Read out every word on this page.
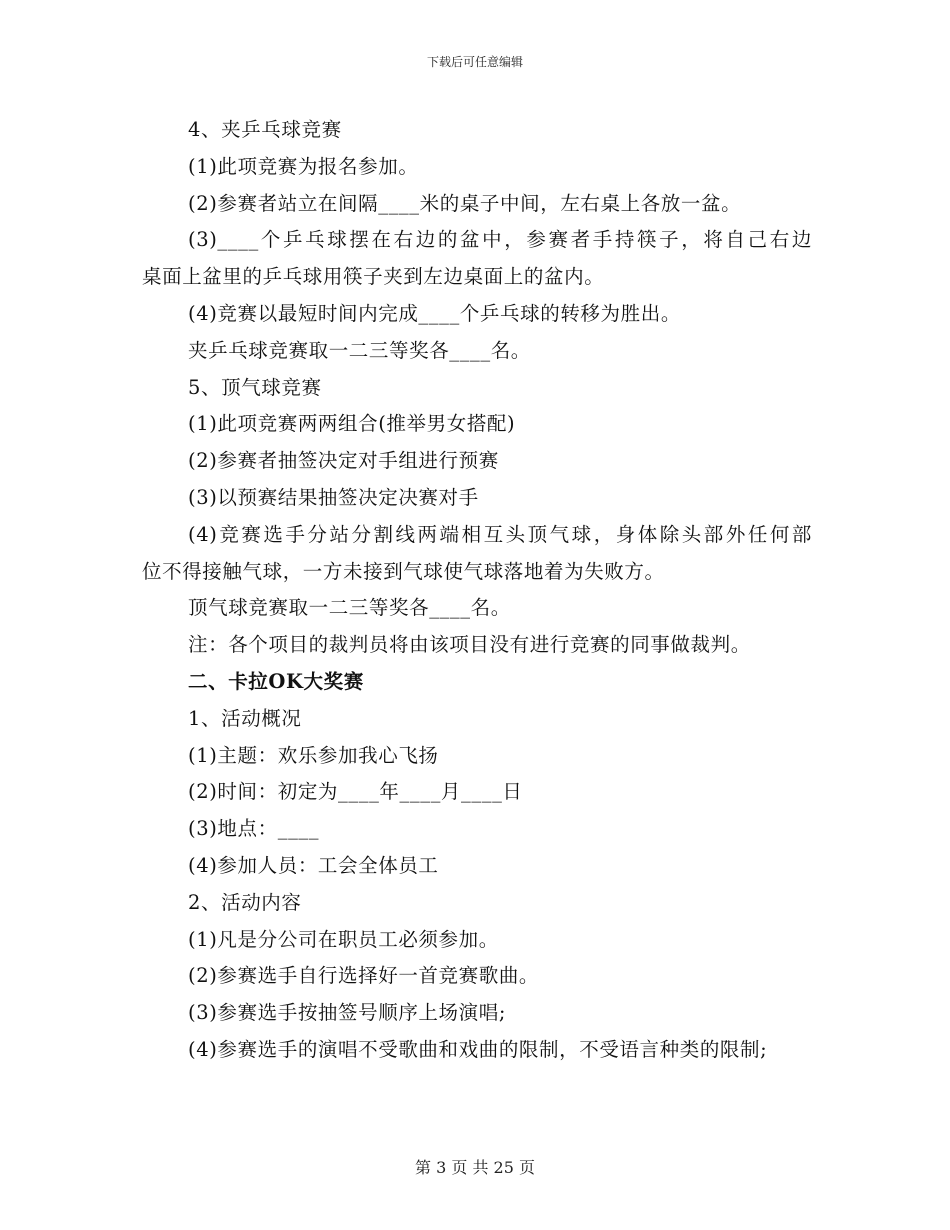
下载后可任意编辑
4、夹乒乓球竞赛
(1)此项竞赛为报名参加。
(2)参赛者站立在间隔____米的桌子中间，左右桌上各放一盆。
(3)____个乒乓球摆在右边的盆中，参赛者手持筷子，将自己右边
桌面上盆里的乒乓球用筷子夹到左边桌面上的盆内。
(4)竞赛以最短时间内完成____个乒乓球的转移为胜出。
夹乒乓球竞赛取一二三等奖各____名。
5、顶气球竞赛
(1)此项竞赛两两组合(推举男女搭配)
(2)参赛者抽签决定对手组进行预赛
(3)以预赛结果抽签决定决赛对手
(4)竞赛选手分站分割线两端相互头顶气球，身体除头部外任何部
位不得接触气球，一方未接到气球使气球落地着为失败方。
顶气球竞赛取一二三等奖各____名。
注：各个项目的裁判员将由该项目没有进行竞赛的同事做裁判。
二、卡拉OK大奖赛
1、活动概况
(1)主题：欢乐参加我心飞扬
(2)时间：初定为____年____月____日
(3)地点：____
(4)参加人员：工会全体员工
2、活动内容
(1)凡是分公司在职员工必须参加。
(2)参赛选手自行选择好一首竞赛歌曲。
(3)参赛选手按抽签号顺序上场演唱;
(4)参赛选手的演唱不受歌曲和戏曲的限制，不受语言种类的限制;
第 3 页 共 25 页
